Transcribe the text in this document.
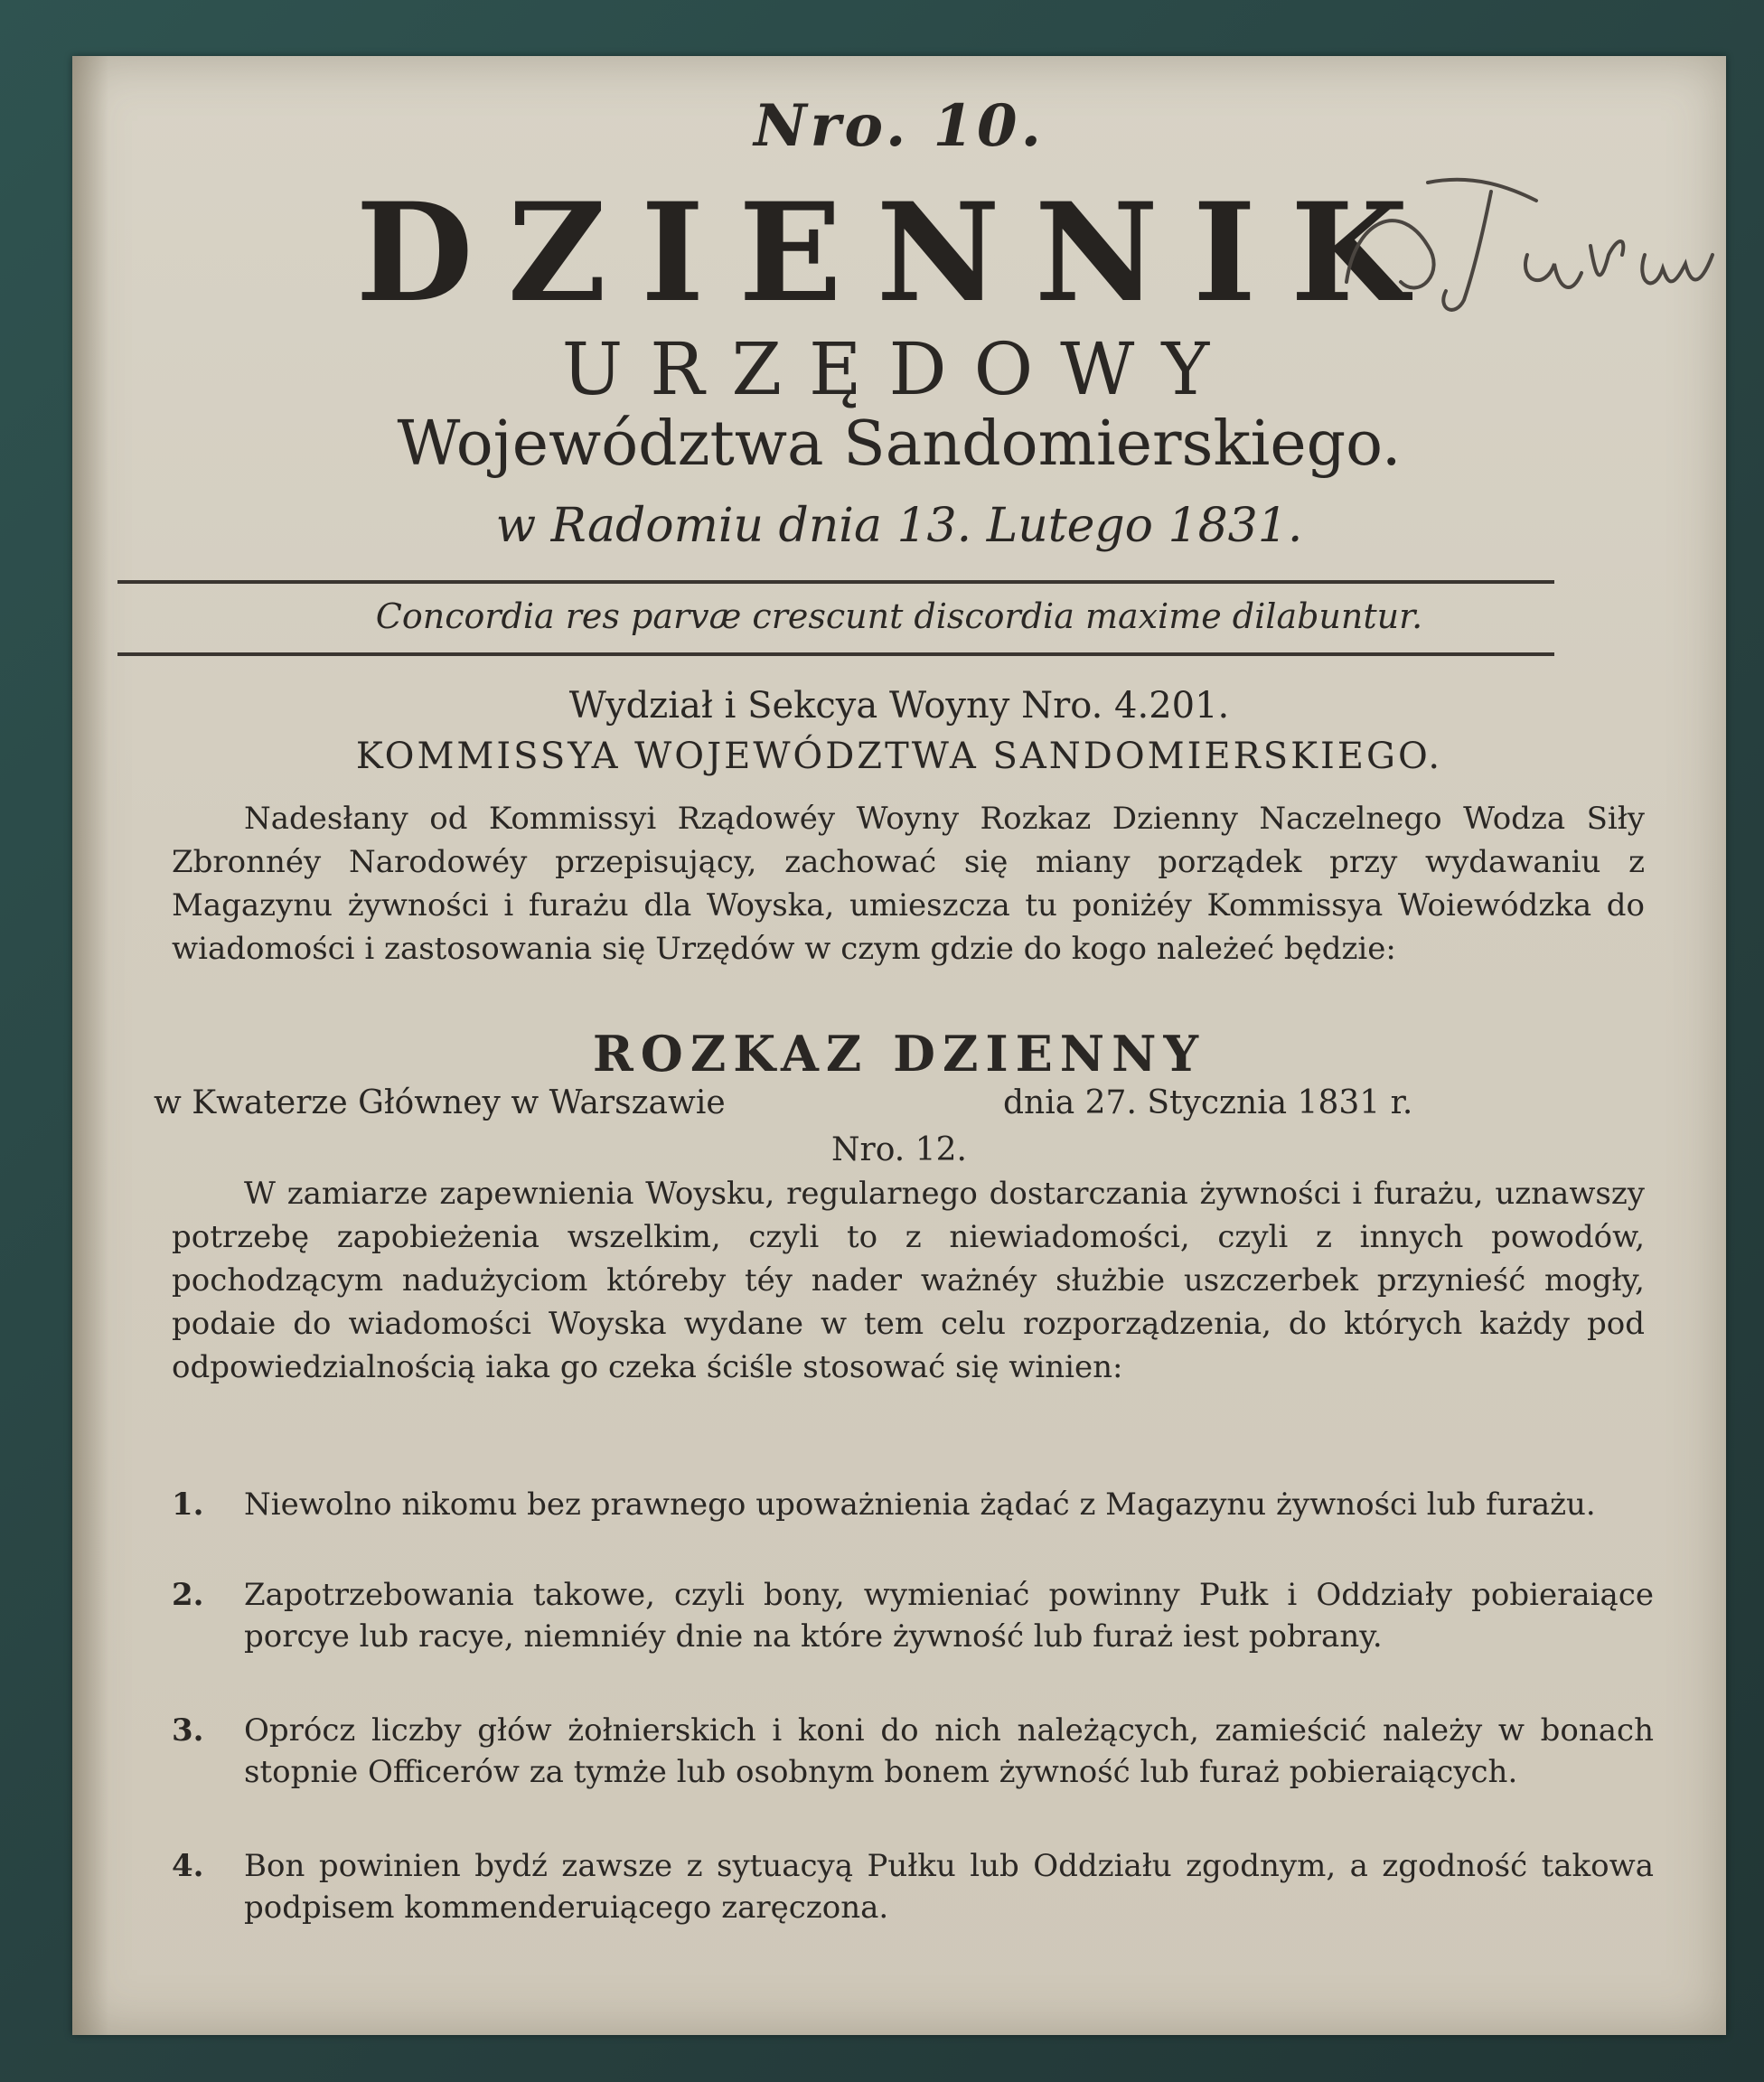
Nro. 10.
DZIENNIK
URZĘDOWY
Województwa Sandomierskiego.
w Radomiu dnia 13. Lutego 1831.
Concordia res parvæ crescunt discordia maxime dilabuntur.
Wydział i Sekcya Woyny Nro. 4.201.
KOMMISSYA WOJEWÓDZTWA SANDOMIERSKIEGO.
Nadesłany od Kommissyi Rządowéy Woyny Rozkaz Dzienny Naczelnego Wodza Siły Zbronnéy Narodowéy przepisujący, zachować się miany porządek przy wydawaniu z Magazynu żywności i furażu dla Woyska, umieszcza tu poniżéy Kommissya Woiewódzka do wiadomości i zastosowania się Urzędów w czym gdzie do kogo należeć będzie:
ROZKAZ DZIENNY
w Kwaterze Główney w Warszawie	dnia 27. Stycznia 1831 r.
Nro. 12.
W zamiarze zapewnienia Woysku, regularnego dostarczania żywności i furażu, uznawszy potrzebę zapobieżenia wszelkim, czyli to z niewiadomości, czyli z innych powodów, pochodzącym nadużyciom któreby téy nader ważnéy służbie uszczerbek przynieść mogły, podaie do wiadomości Woyska wydane w tem celu rozporządzenia, do których każdy pod odpowiedzialnością iaka go czeka ściśle stosować się winien:
1. Niewolno nikomu bez prawnego upoważnienia żądać z Magazynu żywności lub furażu.
2. Zapotrzebowania takowe, czyli bony, wymieniać powinny Pułk i Oddziały pobieraiące porcye lub racye, niemniéy dnie na które żywność lub furaż iest pobrany.
3. Oprócz liczby głów żołnierskich i koni do nich należących, zamieścić należy w bonach stopnie Officerów za tymże lub osobnym bonem żywność lub furaż pobieraiących.
4. Bon powinien bydź zawsze z sytuacyą Pułku lub Oddziału zgodnym, a zgodność takowa podpisem kommenderuiącego zaręczona.
